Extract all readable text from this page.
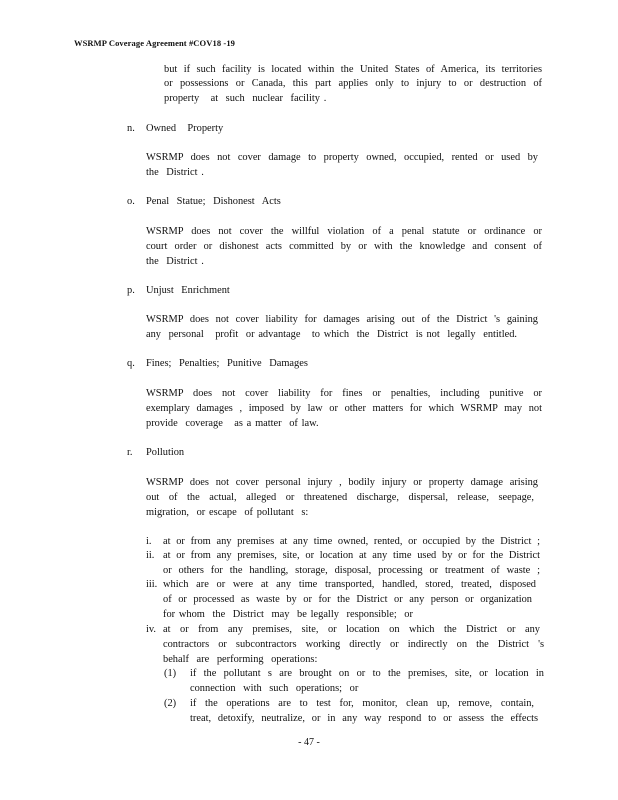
WSRMP Coverage Agreement #COV18 -19
but if such facility is located within the United States of America, its territories
or possessions or Canada, this part applies only to injury to or destruction of
property   at  such  nuclear  facility .
n. Owned   Property
WSRMP does not cover damage to property owned, occupied, rented or used by
the  District .
o. Penal  Statue;  Dishonest  Acts
WSRMP does not cover the willful violation of a penal statute or ordinance or
court order or dishonest acts committed by or with the knowledge and consent of
the  District .
p. Unjust  Enrichment
WSRMP does not cover liability for damages arising out of the District 's gaining
any  personal   profit  or advantage   to which  the  District  is not  legally  entitled.
q. Fines;  Penalties;  Punitive  Damages
WSRMP does not cover liability for fines or penalties, including punitive or
exemplary damages , imposed by law or other matters for which WSRMP may not
provide  coverage   as a matter  of law.
r. Pollution
WSRMP does not cover personal injury , bodily injury or property damage arising
out of the actual, alleged or threatened discharge, dispersal, release, seepage,
migration,  or escape  of pollutant  s:
i. at or from any premises at any time owned, rented, or occupied by the District ;
ii. at or from any premises, site, or location at any time used by or for the District
or others for the handling, storage, disposal, processing or treatment of waste ;
iii. which are or were at any time transported, handled, stored, treated, disposed
of or processed as waste by or for the District or any person or organization
for whom  the  District  may  be legally  responsible;  or
iv. at or from any premises, site, or location on which the District or any
contractors or subcontractors working directly or indirectly on the District 's
behalf  are  performing  operations:
(1) if the pollutant s are brought on or to the premises, site, or location in
connection  with  such  operations;  or
(2) if the operations are to test for, monitor, clean up, remove, contain,
treat, detoxify, neutralize, or in any way respond to or assess the effects
- 47 -
